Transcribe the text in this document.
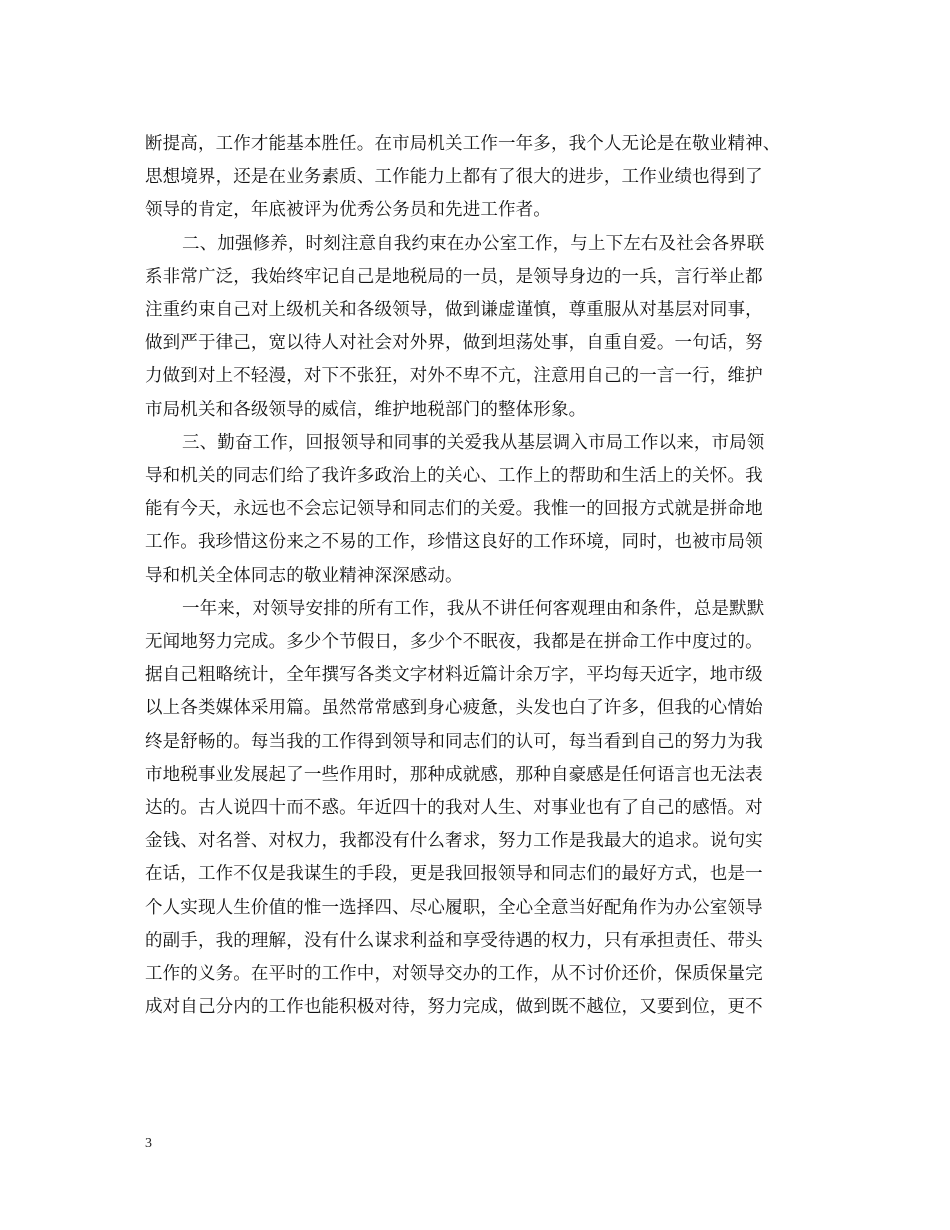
断提高，工作才能基本胜任。在市局机关工作一年多，我个人无论是在敬业精神、
思想境界，还是在业务素质、工作能力上都有了很大的进步，工作业绩也得到了
领导的肯定，年底被评为优秀公务员和先进工作者。
二、加强修养，时刻注意自我约束在办公室工作，与上下左右及社会各界联
系非常广泛，我始终牢记自己是地税局的一员，是领导身边的一兵，言行举止都
注重约束自己对上级机关和各级领导，做到谦虚谨慎，尊重服从对基层对同事，
做到严于律己，宽以待人对社会对外界，做到坦荡处事，自重自爱。一句话，努
力做到对上不轻漫，对下不张狂，对外不卑不亢，注意用自己的一言一行，维护
市局机关和各级领导的威信，维护地税部门的整体形象。
三、勤奋工作，回报领导和同事的关爱我从基层调入市局工作以来，市局领
导和机关的同志们给了我许多政治上的关心、工作上的帮助和生活上的关怀。我
能有今天，永远也不会忘记领导和同志们的关爱。我惟一的回报方式就是拼命地
工作。我珍惜这份来之不易的工作，珍惜这良好的工作环境，同时，也被市局领
导和机关全体同志的敬业精神深深感动。
一年来，对领导安排的所有工作，我从不讲任何客观理由和条件，总是默默
无闻地努力完成。多少个节假日，多少个不眠夜，我都是在拼命工作中度过的。
据自己粗略统计，全年撰写各类文字材料近篇计余万字，平均每天近字，地市级
以上各类媒体采用篇。虽然常常感到身心疲惫，头发也白了许多，但我的心情始
终是舒畅的。每当我的工作得到领导和同志们的认可，每当看到自己的努力为我
市地税事业发展起了一些作用时，那种成就感，那种自豪感是任何语言也无法表
达的。古人说四十而不惑。年近四十的我对人生、对事业也有了自己的感悟。对
金钱、对名誉、对权力，我都没有什么奢求，努力工作是我最大的追求。说句实
在话，工作不仅是我谋生的手段，更是我回报领导和同志们的最好方式，也是一
个人实现人生价值的惟一选择四、尽心履职，全心全意当好配角作为办公室领导
的副手，我的理解，没有什么谋求利益和享受待遇的权力，只有承担责任、带头
工作的义务。在平时的工作中，对领导交办的工作，从不讨价还价，保质保量完
成对自己分内的工作也能积极对待，努力完成，做到既不越位，又要到位，更不
3
